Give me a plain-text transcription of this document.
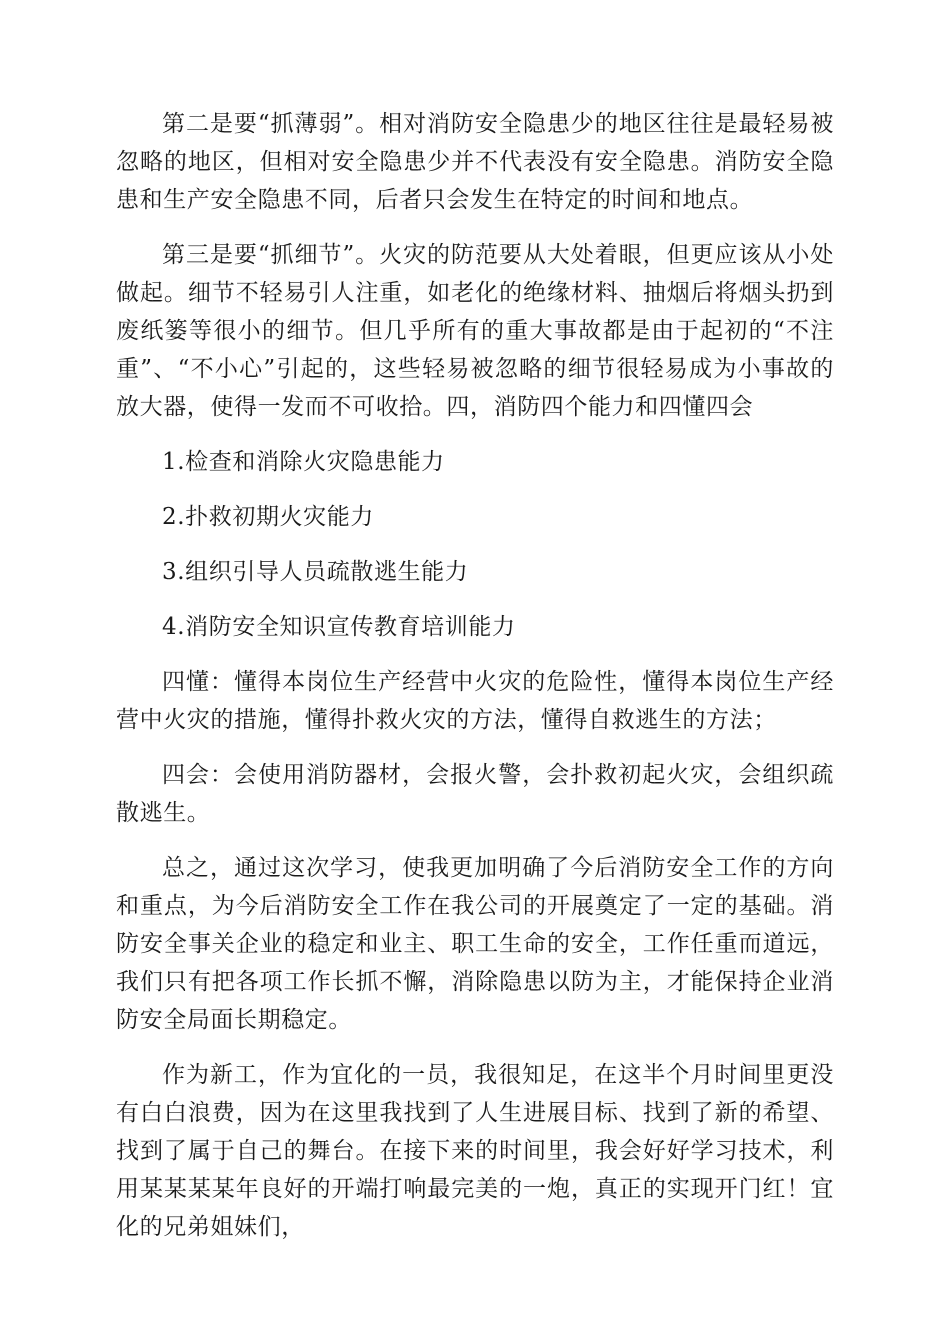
第二是要“抓薄弱”。相对消防安全隐患少的地区往往是最轻易被忽略的地区，但相对安全隐患少并不代表没有安全隐患。消防安全隐患和生产安全隐患不同，后者只会发生在特定的时间和地点。

第三是要“抓细节”。火灾的防范要从大处着眼，但更应该从小处做起。细节不轻易引人注重，如老化的绝缘材料、抽烟后将烟头扔到废纸篓等很小的细节。但几乎所有的重大事故都是由于起初的“不注重”、“不小心”引起的，这些轻易被忽略的细节很轻易成为小事故的放大器，使得一发而不可收拾。四，消防四个能力和四懂四会

1.检查和消除火灾隐患能力

2.扑救初期火灾能力

3.组织引导人员疏散逃生能力

4.消防安全知识宣传教育培训能力

四懂：懂得本岗位生产经营中火灾的危险性，懂得本岗位生产经营中火灾的措施，懂得扑救火灾的方法，懂得自救逃生的方法；

四会：会使用消防器材，会报火警，会扑救初起火灾，会组织疏散逃生。

总之，通过这次学习，使我更加明确了今后消防安全工作的方向和重点，为今后消防安全工作在我公司的开展奠定了一定的基础。消防安全事关企业的稳定和业主、职工生命的安全，工作任重而道远，我们只有把各项工作长抓不懈，消除隐患以防为主，才能保持企业消防安全局面长期稳定。

作为新工，作为宜化的一员，我很知足，在这半个月时间里更没有白白浪费，因为在这里我找到了人生进展目标、找到了新的希望、找到了属于自己的舞台。在接下来的时间里，我会好好学习技术，利用某某某某年良好的开端打响最完美的一炮，真正的实现开门红！宜化的兄弟姐妹们，
